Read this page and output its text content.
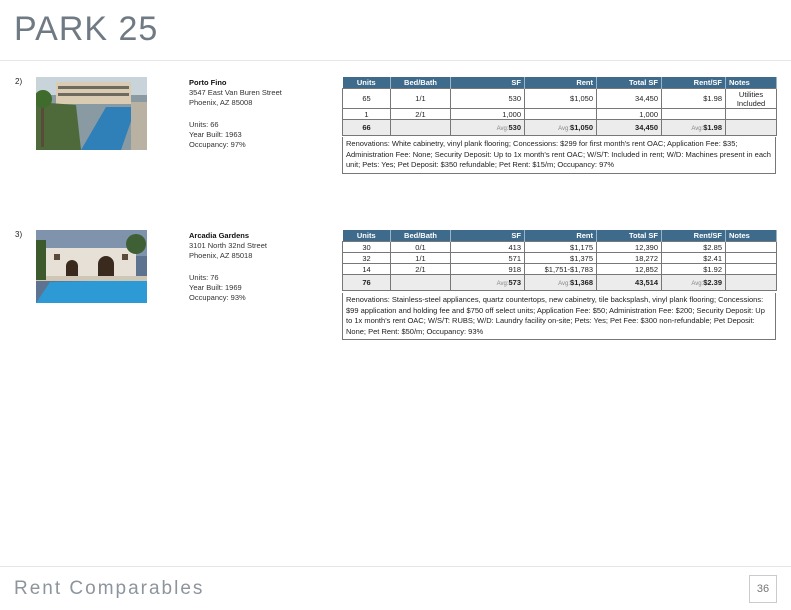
PARK 25
2)	Porto Fino
3547 East Van Buren Street
Phoenix, AZ 85008
Units: 66
Year Built: 1963
Occupancy: 97%
Units	Bed/Bath	SF	Rent	Total SF	Rent/SF	Notes
65	1/1	530	$1,050	34,450	$1.98	Utilities Included
1	2/1	1,000		1,000		
66		Avg:530	Avg:$1,050	34,450	Avg:$1.98	
Renovations: White cabinetry, vinyl plank flooring; Concessions: $299 for first month's rent OAC; Application Fee: $35; Administration Fee: None; Security Deposit: Up to 1x month's rent OAC; W/S/T: Included in rent; W/D: Machines present in each unit; Pets: Yes; Pet Deposit: $350 refundable; Pet Rent: $15/m; Occupancy: 97%
3)	Arcadia Gardens
3101 North 32nd Street
Phoenix, AZ 85018
Units: 76
Year Built: 1969
Occupancy: 93%
Units	Bed/Bath	SF	Rent	Total SF	Rent/SF	Notes
30	0/1	413	$1,175	12,390	$2.85	
32	1/1	571	$1,375	18,272	$2.41	
14	2/1	918	$1,751-$1,783	12,852	$1.92	
76		Avg:573	Avg:$1,368	43,514	Avg:$2.39	
Renovations: Stainless-steel appliances, quartz countertops, new cabinetry, tile backsplash, vinyl plank flooring; Concessions: $99 application and holding fee and $750 off select units; Application Fee: $50; Administration Fee: $200; Security Deposit: Up to 1x month's rent OAC; W/S/T: RUBS; W/D: Laundry facility on-site; Pets: Yes; Pet Fee: $300 non-refundable; Pet Deposit: None; Pet Rent: $50/m; Occupancy: 93%
Rent Comparables	36
